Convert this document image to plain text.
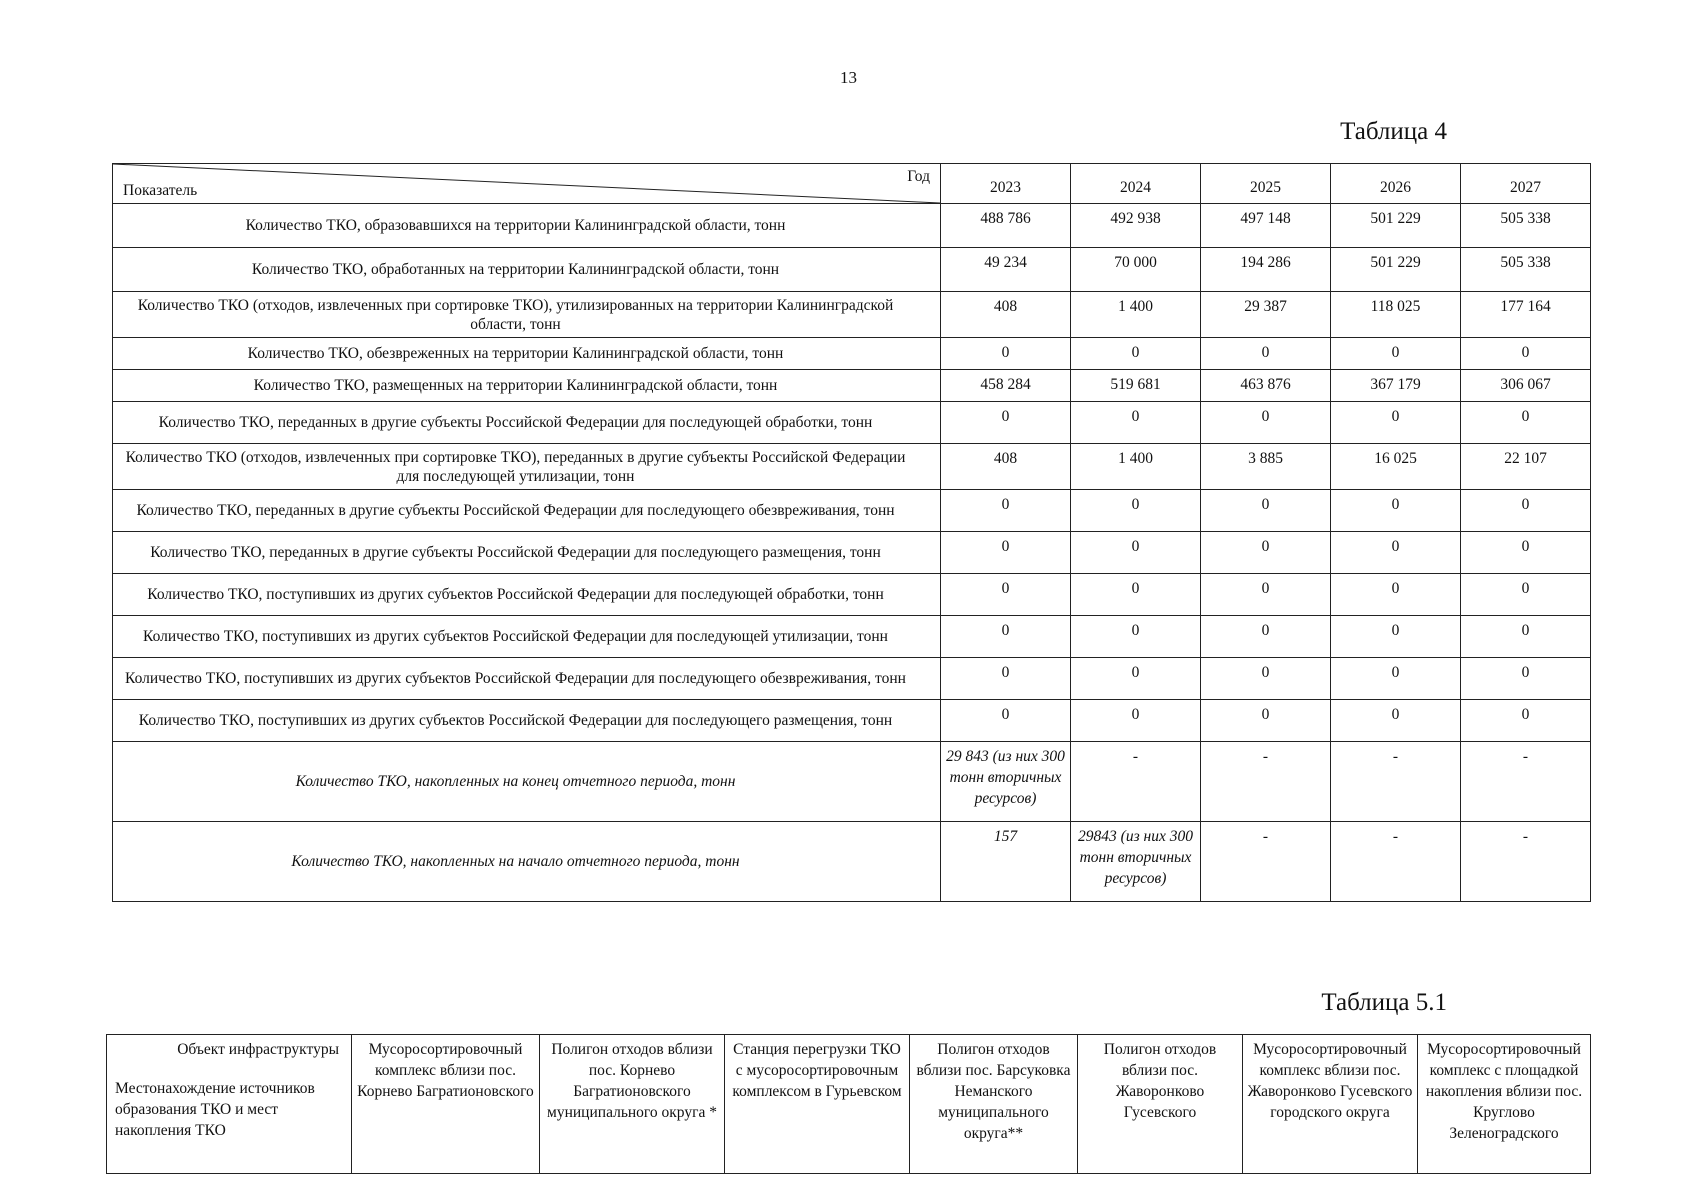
13
Таблица 4
Год
Показатель	2023	2024	2025	2026	2027
Количество ТКО, образовавшихся на территории Калининградской области, тонн	488 786	492 938	497 148	501 229	505 338
Количество ТКО, обработанных на территории Калининградской области, тонн	49 234	70 000	194 286	501 229	505 338
Количество ТКО (отходов, извлеченных при сортировке ТКО), утилизированных на территории Калининградской области, тонн	408	1 400	29 387	118 025	177 164
Количество ТКО, обезвреженных на территории Калининградской области, тонн	0	0	0	0	0
Количество ТКО, размещенных на территории Калининградской области, тонн	458 284	519 681	463 876	367 179	306 067
Количество ТКО, переданных в другие субъекты Российской Федерации для последующей обработки, тонн	0	0	0	0	0
Количество ТКО (отходов, извлеченных при сортировке ТКО), переданных в другие субъекты Российской Федерации для последующей утилизации, тонн	408	1 400	3 885	16 025	22 107
Количество ТКО, переданных в другие субъекты Российской Федерации для последующего обезвреживания, тонн	0	0	0	0	0
Количество ТКО, переданных в другие субъекты Российской Федерации для последующего размещения, тонн	0	0	0	0	0
Количество ТКО, поступивших из других субъектов Российской Федерации для последующей обработки, тонн	0	0	0	0	0
Количество ТКО, поступивших из других субъектов Российской Федерации для последующей утилизации, тонн	0	0	0	0	0
Количество ТКО, поступивших из других субъектов Российской Федерации для последующего обезвреживания, тонн	0	0	0	0	0
Количество ТКО, поступивших из других субъектов Российской Федерации для последующего размещения, тонн	0	0	0	0	0
Количество ТКО, накопленных на конец отчетного периода, тонн	29 843 (из них 300 тонн вторичных ресурсов)	-	-	-	-
Количество ТКО, накопленных на начало отчетного периода, тонн	157	29843 (из них 300 тонн вторичных ресурсов)	-	-	-
Таблица 5.1
Объект инфраструктуры
Местонахождение источников образования ТКО и мест накопления ТКО
	Мусоросортировочный комплекс вблизи пос. Корнево Багратионовского	Полигон отходов вблизи пос. Корнево Багратионовского муниципального округа *	Станция перегрузки ТКО с мусоросортировочным комплексом в Гурьевском	Полигон отходов вблизи пос. Барсуковка Неманского муниципального округа**	Полигон отходов вблизи пос. Жаворонково Гусевского	Мусоросортировочный комплекс вблизи пос. Жаворонково Гусевского городского округа	Мусоросортировочный комплекс с площадкой накопления вблизи пос. Круглово Зеленоградского
